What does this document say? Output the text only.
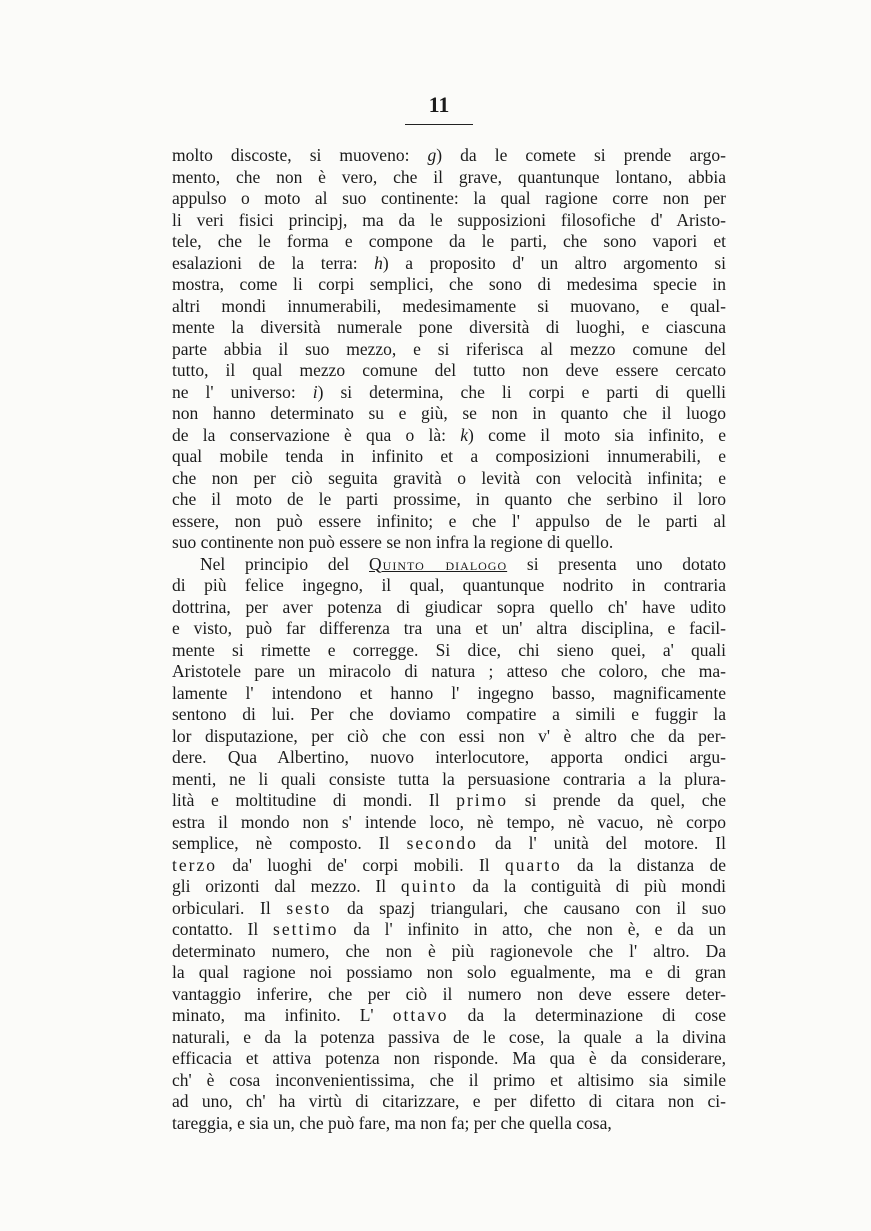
11
molto discoste, si muoveno: g) da le comete si prende argo-
mento, che non è vero, che il grave, quantunque lontano, abbia
appulso o moto al suo continente: la qual ragione corre non per
li veri fisici principj, ma da le supposizioni filosofiche d' Aristo-
tele, che le forma e compone da le parti, che sono vapori et
esalazioni de la terra: h) a proposito d' un altro argomento si
mostra, come li corpi semplici, che sono di medesima specie in
altri mondi innumerabili, medesimamente si muovano, e qual-
mente la diversità numerale pone diversità di luoghi, e ciascuna
parte abbia il suo mezzo, e si riferisca al mezzo comune del
tutto, il qual mezzo comune del tutto non deve essere cercato
ne l' universo: i) si determina, che li corpi e parti di quelli
non hanno determinato su e giù, se non in quanto che il luogo
de la conservazione è qua o là: k) come il moto sia infinito, e
qual mobile tenda in infinito et a composizioni innumerabili, e
che non per ciò seguita gravità o levità con velocità infinita; e
che il moto de le parti prossime, in quanto che serbino il loro
essere, non può essere infinito; e che l' appulso de le parti al
suo continente non può essere se non infra la regione di quello.
Nel principio del Quinto dialogo si presenta uno dotato
di più felice ingegno, il qual, quantunque nodrito in contraria
dottrina, per aver potenza di giudicar sopra quello ch' have udito
e visto, può far differenza tra una et un' altra disciplina, e facil-
mente si rimette e corregge. Si dice, chi sieno quei, a' quali
Aristotele pare un miracolo di natura ; atteso che coloro, che ma-
lamente l' intendono et hanno l' ingegno basso, magnificamente
sentono di lui. Per che doviamo compatire a simili e fuggir la
lor disputazione, per ciò che con essi non v' è altro che da per-
dere. Qua Albertino, nuovo interlocutore, apporta ondici argu-
menti, ne li quali consiste tutta la persuasione contraria a la plura-
lità e moltitudine di mondi. Il primo si prende da quel, che
estra il mondo non s' intende loco, nè tempo, nè vacuo, nè corpo
semplice, nè composto. Il secondo da l' unità del motore. Il
terzo da' luoghi de' corpi mobili. Il quarto da la distanza de
gli orizonti dal mezzo. Il quinto da la contiguità di più mondi
orbiculari. Il sesto da spazj triangulari, che causano con il suo
contatto. Il settimo da l' infinito in atto, che non è, e da un
determinato numero, che non è più ragionevole che l' altro. Da
la qual ragione noi possiamo non solo egualmente, ma e di gran
vantaggio inferire, che per ciò il numero non deve essere deter-
minato, ma infinito. L' ottavo da la determinazione di cose
naturali, e da la potenza passiva de le cose, la quale a la divina
efficacia et attiva potenza non risponde. Ma qua è da considerare,
ch' è cosa inconvenientissima, che il primo et altisimo sia simile
ad uno, ch' ha virtù di citarizzare, e per difetto di citara non ci-
tareggia, e sia un, che può fare, ma non fa; per che quella cosa,
